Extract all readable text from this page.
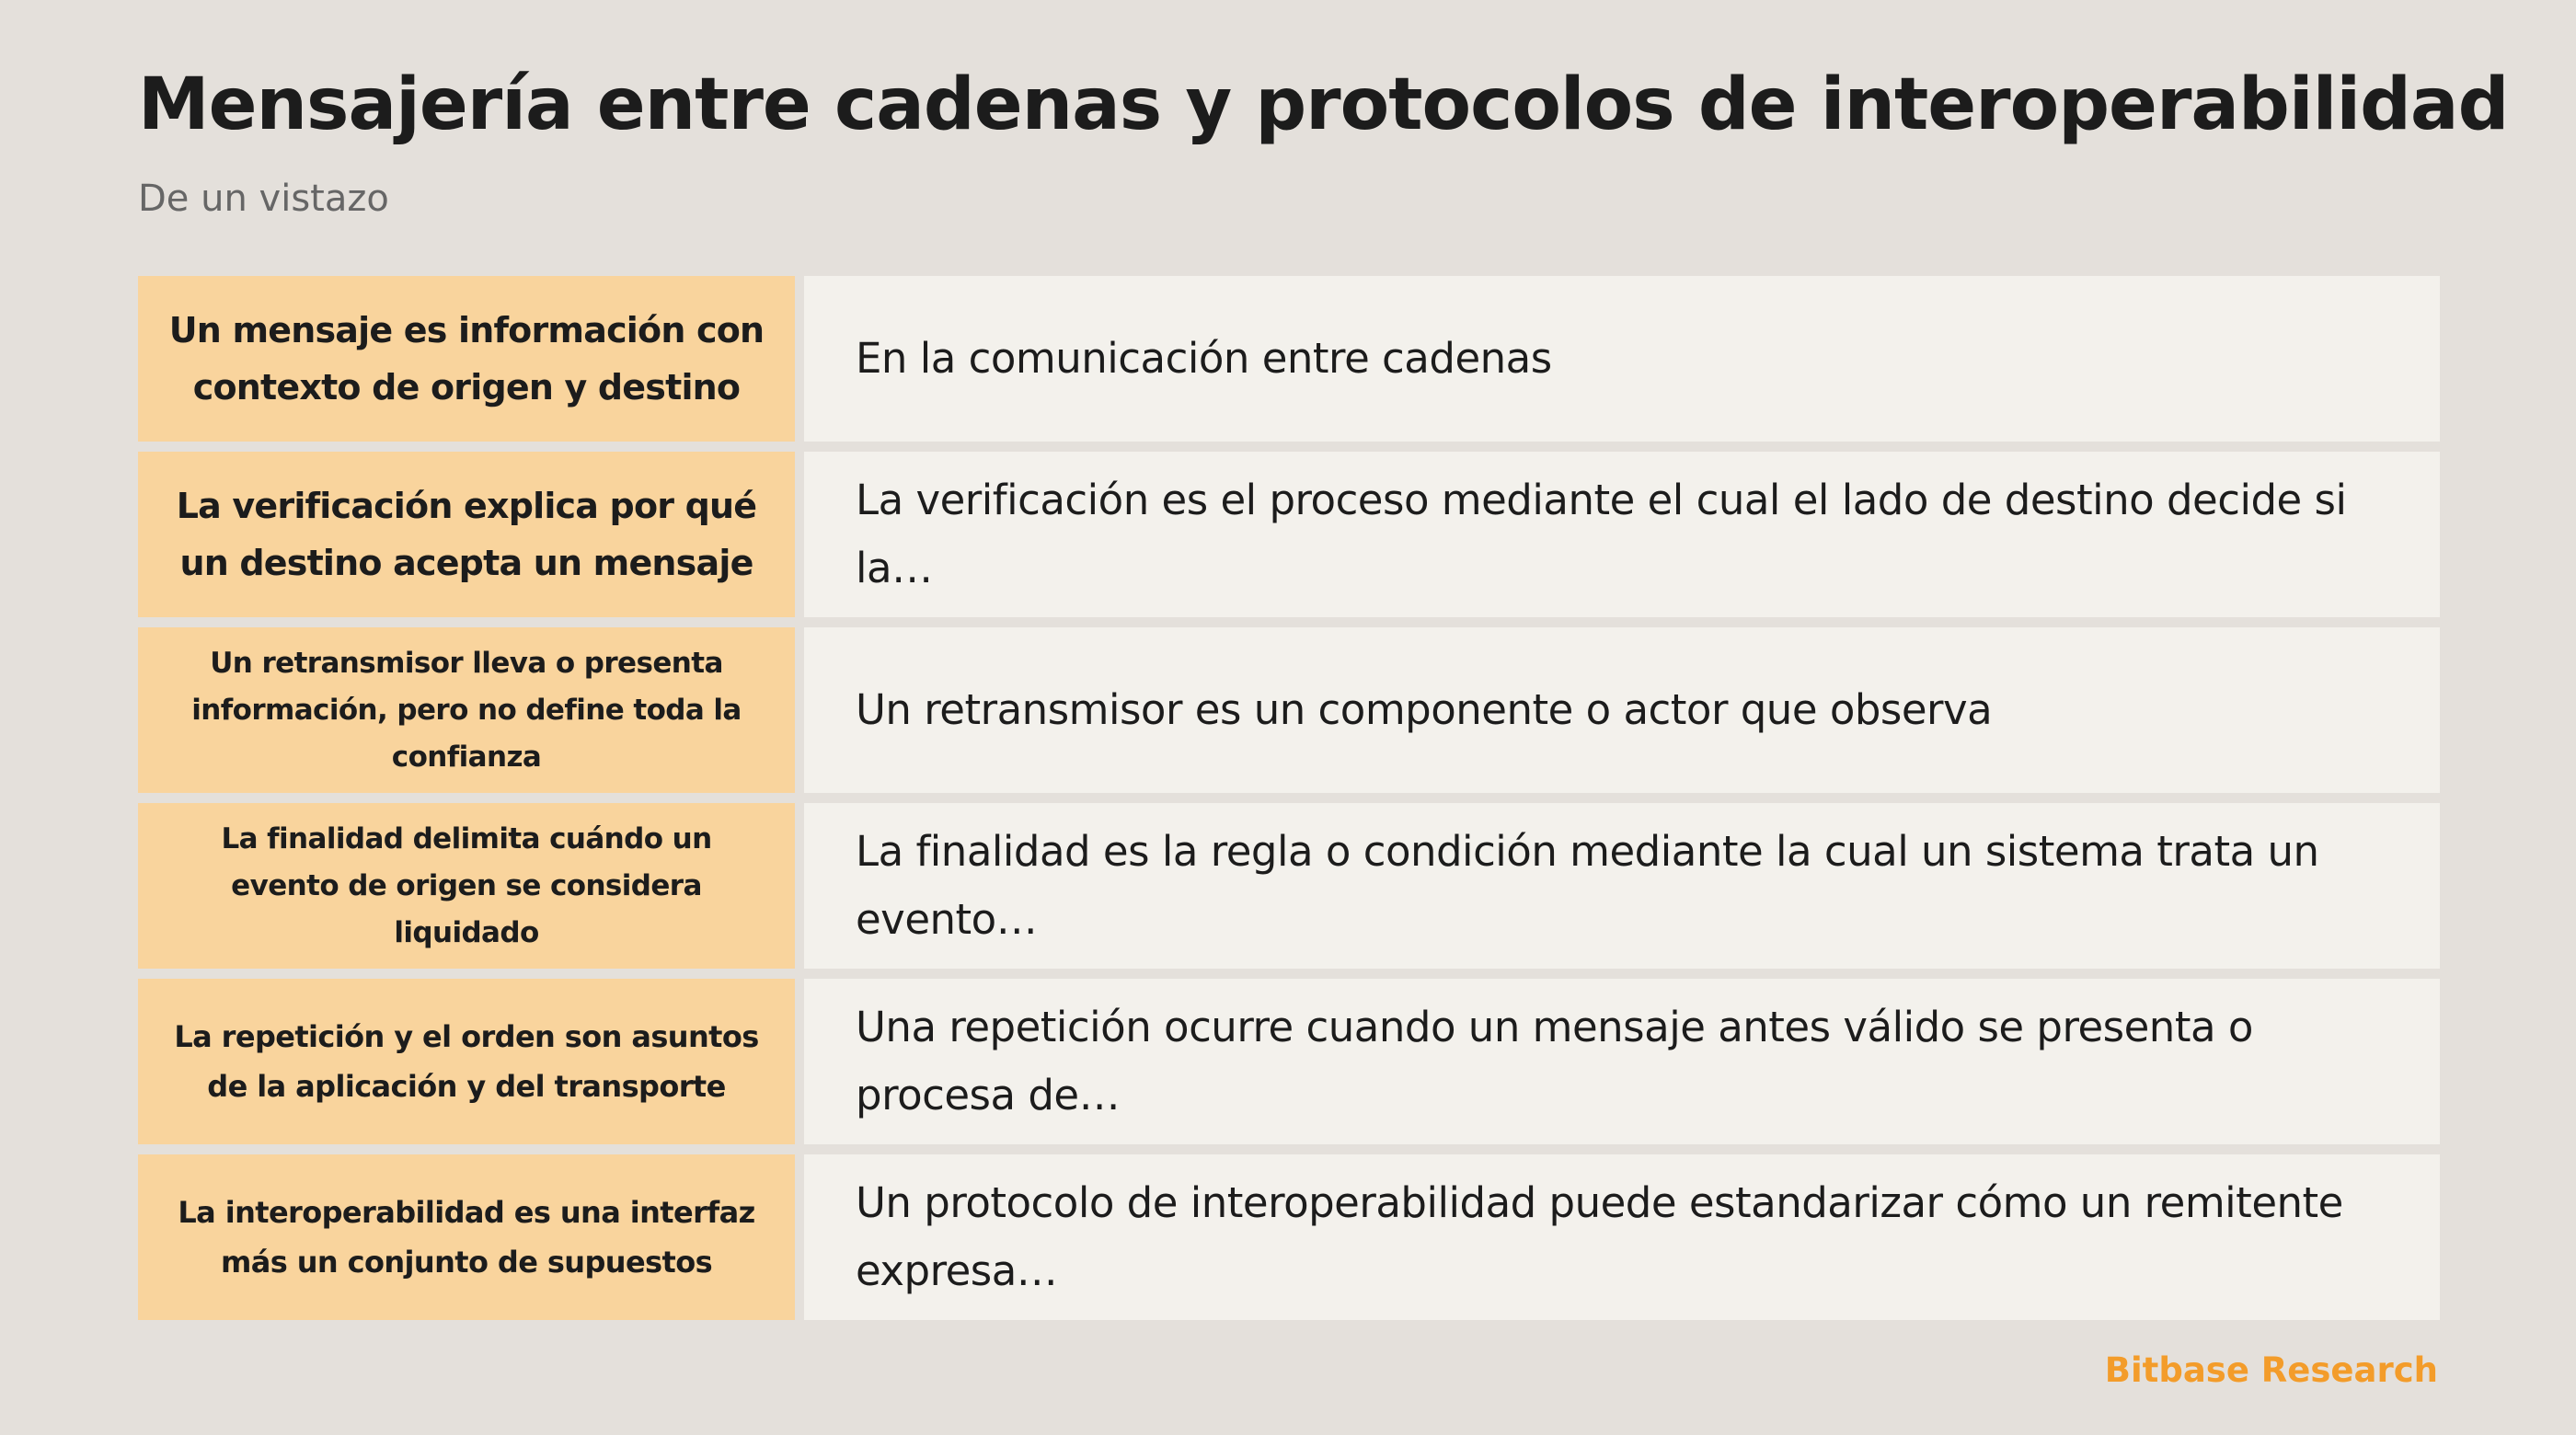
Mensajería entre cadenas y protocolos de interoperabilidad
De un vistazo
Un mensaje es información con contexto de origen y destino
En la comunicación entre cadenas
La verificación explica por qué un destino acepta un mensaje
La verificación es el proceso mediante el cual el lado de destino decide si la…
Un retransmisor lleva o presenta información, pero no define toda la confianza
Un retransmisor es un componente o actor que observa
La finalidad delimita cuándo un evento de origen se considera liquidado
La finalidad es la regla o condición mediante la cual un sistema trata un evento…
La repetición y el orden son asuntos de la aplicación y del transporte
Una repetición ocurre cuando un mensaje antes válido se presenta o procesa de…
La interoperabilidad es una interfaz más un conjunto de supuestos
Un protocolo de interoperabilidad puede estandarizar cómo un remitente expresa…
Bitbase Research
